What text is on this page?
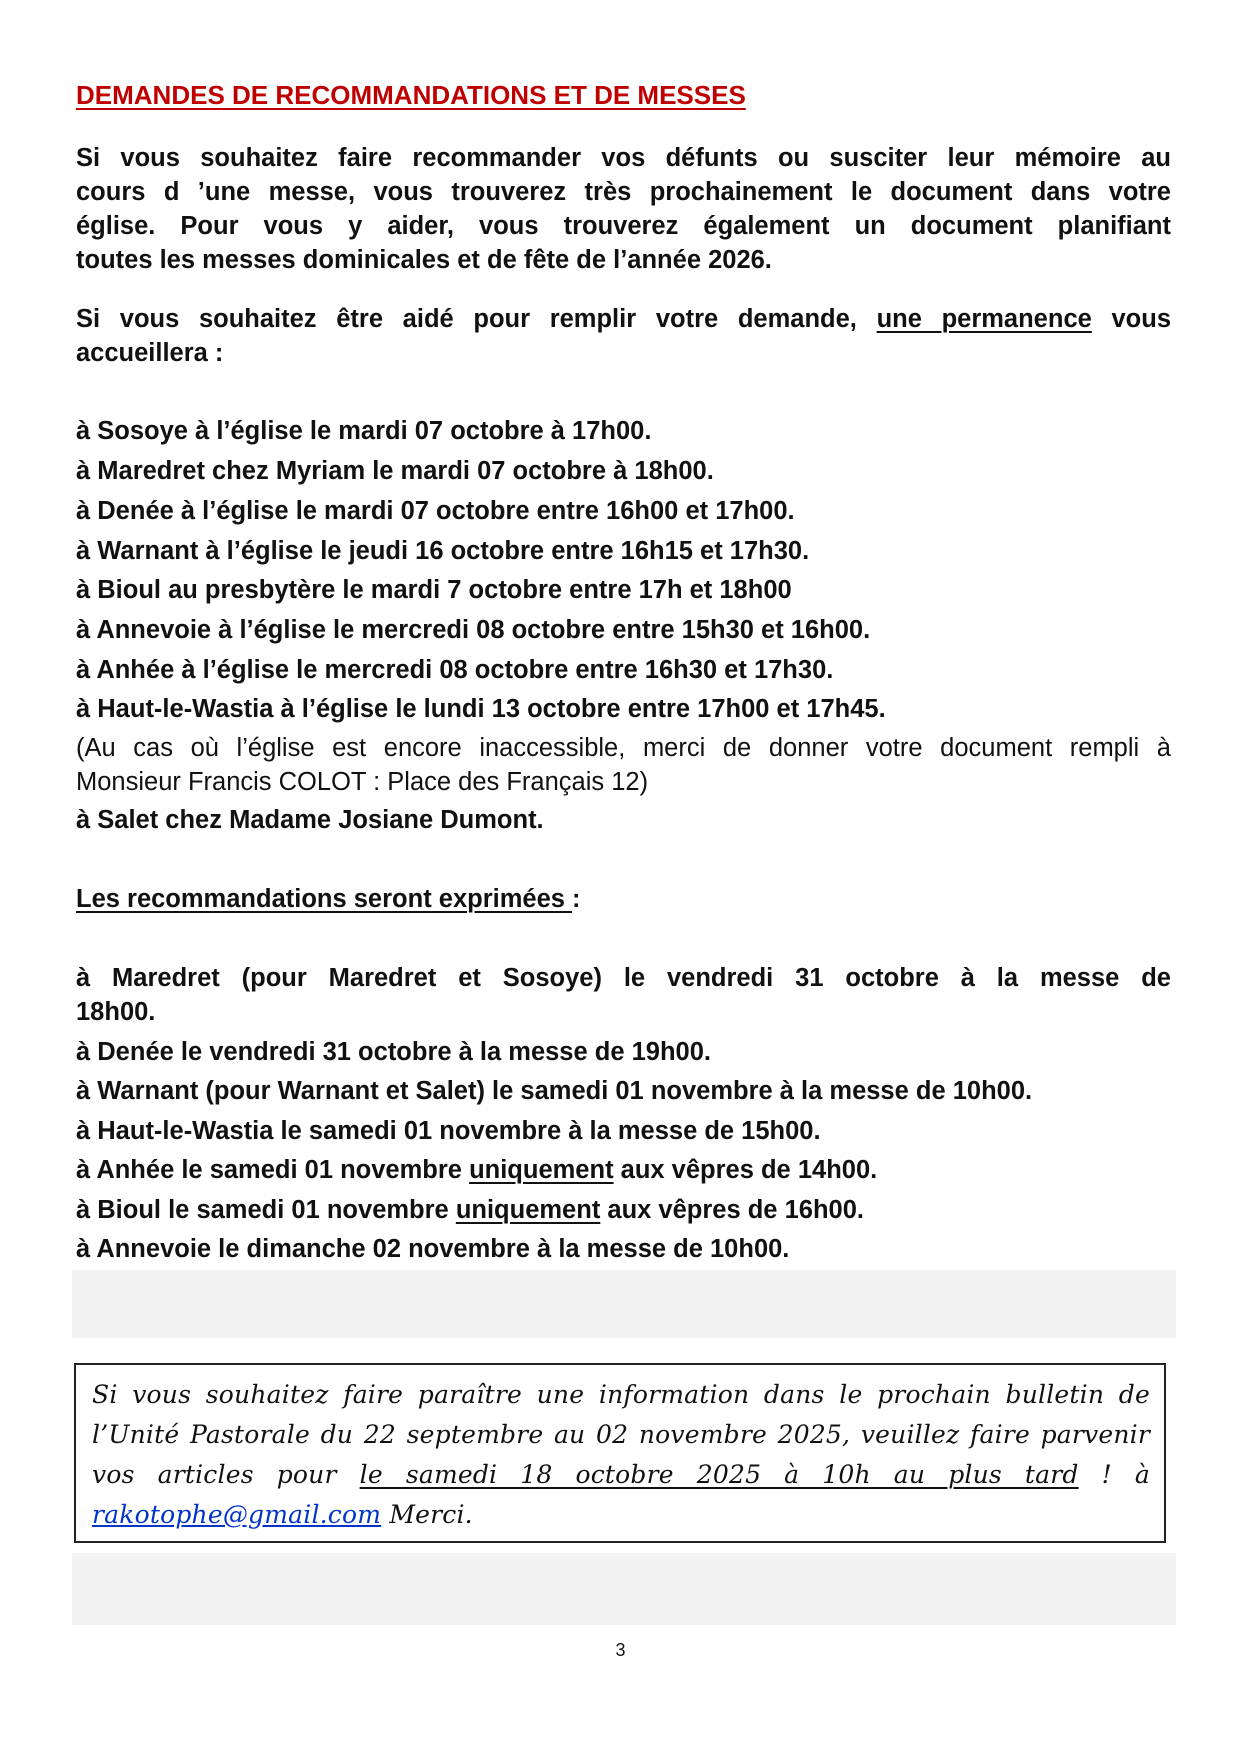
DEMANDES DE RECOMMANDATIONS ET DE MESSES
Si vous souhaitez faire recommander vos défunts ou susciter leur mémoire au
cours d ’une messe, vous trouverez très prochainement le document dans votre
église. Pour vous y aider, vous trouverez également un document planifiant
toutes les messes dominicales et de fête de l’année 2026.
Si vous souhaitez être aidé pour remplir votre demande, une permanence vous
accueillera :
à Sosoye à l’église le mardi 07 octobre à 17h00.
à Maredret chez Myriam le mardi 07 octobre à 18h00.
à Denée à l’église le mardi 07 octobre entre 16h00 et 17h00.
à Warnant à l’église le jeudi 16 octobre entre 16h15 et 17h30.
à Bioul au presbytère le mardi 7 octobre entre 17h et 18h00
à Annevoie à l’église le mercredi 08 octobre entre 15h30 et 16h00.
à Anhée à l’église le mercredi 08 octobre entre 16h30 et 17h30.
à Haut-le-Wastia à l’église le lundi 13 octobre entre 17h00 et 17h45.
(Au cas où l’église est encore inaccessible, merci de donner votre document rempli à
Monsieur Francis COLOT : Place des Français 12)
à Salet chez Madame Josiane Dumont.
Les recommandations seront exprimées :
à Maredret (pour Maredret et Sosoye) le vendredi 31 octobre à la messe de
18h00.
à Denée le vendredi 31 octobre à la messe de 19h00.
à Warnant (pour Warnant et Salet) le samedi 01 novembre à la messe de 10h00.
à Haut-le-Wastia le samedi 01 novembre à la messe de 15h00.
à Anhée le samedi 01 novembre uniquement aux vêpres de 14h00.
à Bioul le samedi 01 novembre uniquement aux vêpres de 16h00.
à Annevoie le dimanche 02 novembre à la messe de 10h00.
Si vous souhaitez faire paraître une information dans le prochain bulletin de l’Unité Pastorale du 22 septembre au 02 novembre 2025, veuillez faire parvenir vos articles pour le samedi 18 octobre 2025 à 10h au plus tard ! à rakotophe@gmail.com Merci.
3
